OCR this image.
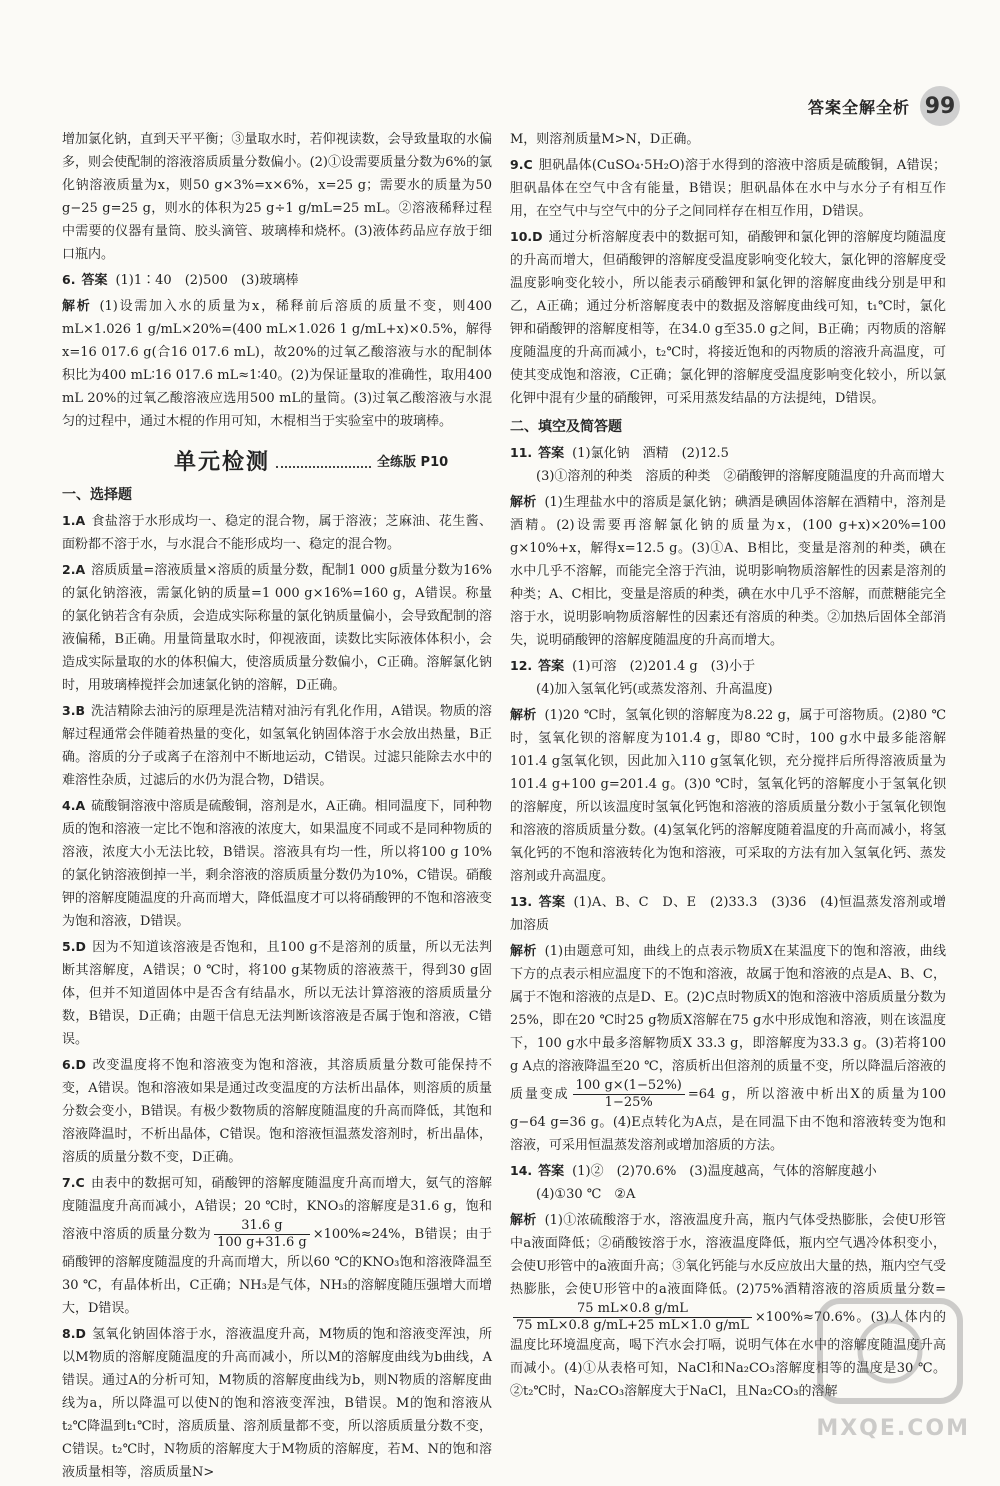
答案全解全析 99

增加氯化钠，直到天平平衡；③量取水时，若仰视读数，会导致量取的水偏多，则会使配制的溶液溶质质量分数偏小。(2)①设需要质量分数为6%的氯化钠溶液质量为x，则50 g×3%=x×6%，x=25 g；需要水的质量为50 g−25 g=25 g，则水的体积为25 g÷1 g/mL=25 mL。②溶液稀释过程中需要的仪器有量筒、胶头滴管、玻璃棒和烧杯。(3)液体药品应存放于细口瓶内。

6. 答案 (1)1∶40　(2)500　(3)玻璃棒

解析 (1)设需加入水的质量为x，稀释前后溶质的质量不变，则400 mL×1.026 1 g/mL×20%=(400 mL×1.026 1 g/mL+x)×0.5%，解得x=16 017.6 g(合16 017.6 mL)，故20%的过氧乙酸溶液与水的配制体积比为400 mL∶16 017.6 mL≈1∶40。(2)为保证量取的准确性，取用400 mL 20%的过氧乙酸溶液应选用500 mL的量筒。(3)过氧乙酸溶液与水混匀的过程中，通过木棍的作用可知，木棍相当于实验室中的玻璃棒。

单元检测	全练版 P10
一、选择题

1.A 食盐溶于水形成均一、稳定的混合物，属于溶液；芝麻油、花生酱、面粉都不溶于水，与水混合不能形成均一、稳定的混合物。

2.A 溶质质量=溶液质量×溶质的质量分数，配制1 000 g质量分数为16%的氯化钠溶液，需氯化钠的质量=1 000 g×16%=160 g，A错误。称量的氯化钠若含有杂质，会造成实际称量的氯化钠质量偏小，会导致配制的溶液偏稀，B正确。用量筒量取水时，仰视液面，读数比实际液体体积小，会造成实际量取的水的体积偏大，使溶质质量分数偏小，C正确。溶解氯化钠时，用玻璃棒搅拌会加速氯化钠的溶解，D正确。

3.B 洗洁精除去油污的原理是洗洁精对油污有乳化作用，A错误。物质的溶解过程通常会伴随着热量的变化，如氢氧化钠固体溶于水会放出热量，B正确。溶质的分子或离子在溶剂中不断地运动，C错误。过滤只能除去水中的难溶性杂质，过滤后的水仍为混合物，D错误。

4.A 硫酸铜溶液中溶质是硫酸铜，溶剂是水，A正确。相同温度下，同种物质的饱和溶液一定比不饱和溶液的浓度大，如果温度不同或不是同种物质的溶液，浓度大小无法比较，B错误。溶液具有均一性，所以将100 g 10%的氯化钠溶液倒掉一半，剩余溶液的溶质质量分数仍为10%，C错误。硝酸钾的溶解度随温度的升高而增大，降低温度才可以将硝酸钾的不饱和溶液变为饱和溶液，D错误。

5.D 因为不知道该溶液是否饱和，且100 g不是溶剂的质量，所以无法判断其溶解度，A错误；0 ℃时，将100 g某物质的溶液蒸干，得到30 g固体，但并不知道固体中是否含有结晶水，所以无法计算溶液的溶质质量分数，B错误，D正确；由题干信息无法判断该溶液是否属于饱和溶液，C错误。

6.D 改变温度将不饱和溶液变为饱和溶液，其溶质质量分数可能保持不变，A错误。饱和溶液如果是通过改变温度的方法析出晶体，则溶质的质量分数会变小，B错误。有极少数物质的溶解度随温度的升高而降低，其饱和溶液降温时，不析出晶体，C错误。饱和溶液恒温蒸发溶剂时，析出晶体，溶质的质量分数不变，D正确。

7.C 由表中的数据可知，硝酸钾的溶解度随温度升高而增大，氨气的溶解度随温度升高而减小，A错误；20 ℃时，KNO₃的溶解度是31.6 g，饱和溶液中溶质的质量分数为 $\frac{31.6 g}{100 g+31.6 g} \times 100\%\approx 24\%$，B错误；由于硝酸钾的溶解度随温度的升高而增大，所以60 ℃的KNO₃饱和溶液降温至30 ℃，有晶体析出，C正确；NH₃是气体，NH₃的溶解度随压强增大而增大，D错误。

8.D 氢氧化钠固体溶于水，溶液温度升高，M物质的饱和溶液变浑浊，所以M物质的溶解度随温度的升高而减小，所以M的溶解度曲线为b曲线，A错误。通过A的分析可知，M物质的溶解度曲线为b，则N物质的溶解度曲线为a，所以降温可以使N的饱和溶液变浑浊，B错误。M的饱和溶液从t₂℃降温到t₁℃时，溶质质量、溶剂质量都不变，所以溶质质量分数不变，C错误。t₂℃时，N物质的溶解度大于M物质的溶解度，若M、N的饱和溶液质量相等，溶质质量N>

M，则溶剂质量M>N，D正确。

9.C 胆矾晶体(CuSO₄·5H₂O)溶于水得到的溶液中溶质是硫酸铜，A错误；胆矾晶体在空气中含有能量，B错误；胆矾晶体在水中与水分子有相互作用，在空气中与空气中的分子之间同样存在相互作用，D错误。

10.D 通过分析溶解度表中的数据可知，硝酸钾和氯化钾的溶解度均随温度的升高而增大，但硝酸钾的溶解度受温度影响变化较大，氯化钾的溶解度受温度影响变化较小，所以能表示硝酸钾和氯化钾的溶解度曲线分别是甲和乙，A正确；通过分析溶解度表中的数据及溶解度曲线可知，t₁℃时，氯化钾和硝酸钾的溶解度相等，在34.0 g至35.0 g之间，B正确；丙物质的溶解度随温度的升高而减小，t₂℃时，将接近饱和的丙物质的溶液升高温度，可使其变成饱和溶液，C正确；氯化钾的溶解度受温度影响变化较小，所以氯化钾中混有少量的硝酸钾，可采用蒸发结晶的方法提纯，D错误。

二、填空及简答题
11. 答案 (1)氯化钠　酒精　(2)12.5
(3)①溶剂的种类　溶质的种类　②硝酸钾的溶解度随温度的升高而增大

解析 (1)生理盐水中的溶质是氯化钠；碘酒是碘固体溶解在酒精中，溶剂是酒精。(2)设需要再溶解氯化钠的质量为x，(100 g+x)×20%=100 g×10%+x，解得x=12.5 g。(3)①A、B相比，变量是溶剂的种类，碘在水中几乎不溶解，而能完全溶于汽油，说明影响物质溶解性的因素是溶剂的种类；A、C相比，变量是溶质的种类，碘在水中几乎不溶解，而蔗糖能完全溶于水，说明影响物质溶解性的因素还有溶质的种类。②加热后固体全部消失，说明硝酸钾的溶解度随温度的升高而增大。

12. 答案 (1)可溶　(2)201.4 g　(3)小于
(4)加入氢氧化钙(或蒸发溶剂、升高温度)

解析 (1)20 ℃时，氢氧化钡的溶解度为8.22 g，属于可溶物质。(2)80 ℃时，氢氧化钡的溶解度为101.4 g，即80 ℃时，100 g水中最多能溶解101.4 g氢氧化钡，因此加入110 g氢氧化钡，充分搅拌后所得溶液质量为101.4 g+100 g=201.4 g。(3)0 ℃时，氢氧化钙的溶解度小于氢氧化钡的溶解度，所以该温度时氢氧化钙饱和溶液的溶质质量分数小于氢氧化钡饱和溶液的溶质质量分数。(4)氢氧化钙的溶解度随着温度的升高而减小，将氢氧化钙的不饱和溶液转化为饱和溶液，可采取的方法有加入氢氧化钙、蒸发溶剂或升高温度。

13. 答案 (1)A、B、C　D、E　(2)33.3　(3)36　(4)恒温蒸发溶剂或增加溶质

解析 (1)由题意可知，曲线上的点表示物质X在某温度下的饱和溶液，曲线下方的点表示相应温度下的不饱和溶液，故属于饱和溶液的点是A、B、C，属于不饱和溶液的点是D、E。(2)C点时物质X的饱和溶液中溶质质量分数为25%，即在20 ℃时25 g物质X溶解在75 g水中形成饱和溶液，则在该温度下，100 g水中最多溶解物质X 33.3 g，即溶解度为33.3 g。(3)若将100 g A点的溶液降温至20 ℃，溶质析出但溶剂的质量不变，所以降温后溶液的质量变成 $\frac{100 g\times(1-52\%)}{1-25\%} =64$ g，所以溶液中析出X的质量为100 g−64 g=36 g。(4)E点转化为A点，是在同温下由不饱和溶液转变为饱和溶液，可采用恒温蒸发溶剂或增加溶质的方法。

14. 答案 (1)②　(2)70.6%　(3)温度越高，气体的溶解度越小
(4)①30 ℃　②A

解析 (1)①浓硫酸溶于水，溶液温度升高，瓶内气体受热膨胀，会使U形管中a液面降低；②硝酸铵溶于水，溶液温度降低，瓶内空气遇冷体积变小，会使U形管中的a液面升高；③氧化钙能与水反应放出大量的热，瓶内空气受热膨胀，会使U形管中的a液面降低。(2)75%酒精溶液的溶质质量分数=
$\frac{75 mL\times 0.8 g/mL}{75 mL\times 0.8 g/mL+25 mL\times 1.0 g/mL} \times 100\%\approx 70.6\%$。(3)人体内的温度比环境温度高，喝下汽水会打嗝，说明气体在水中的溶解度随温度升高而减小。(4)①从表格可知，NaCl和Na₂CO₃溶解度相等的温度是30 ℃。②t₂℃时，Na₂CO₃溶解度大于NaCl，且Na₂CO₃的溶解

MXQE.COM
